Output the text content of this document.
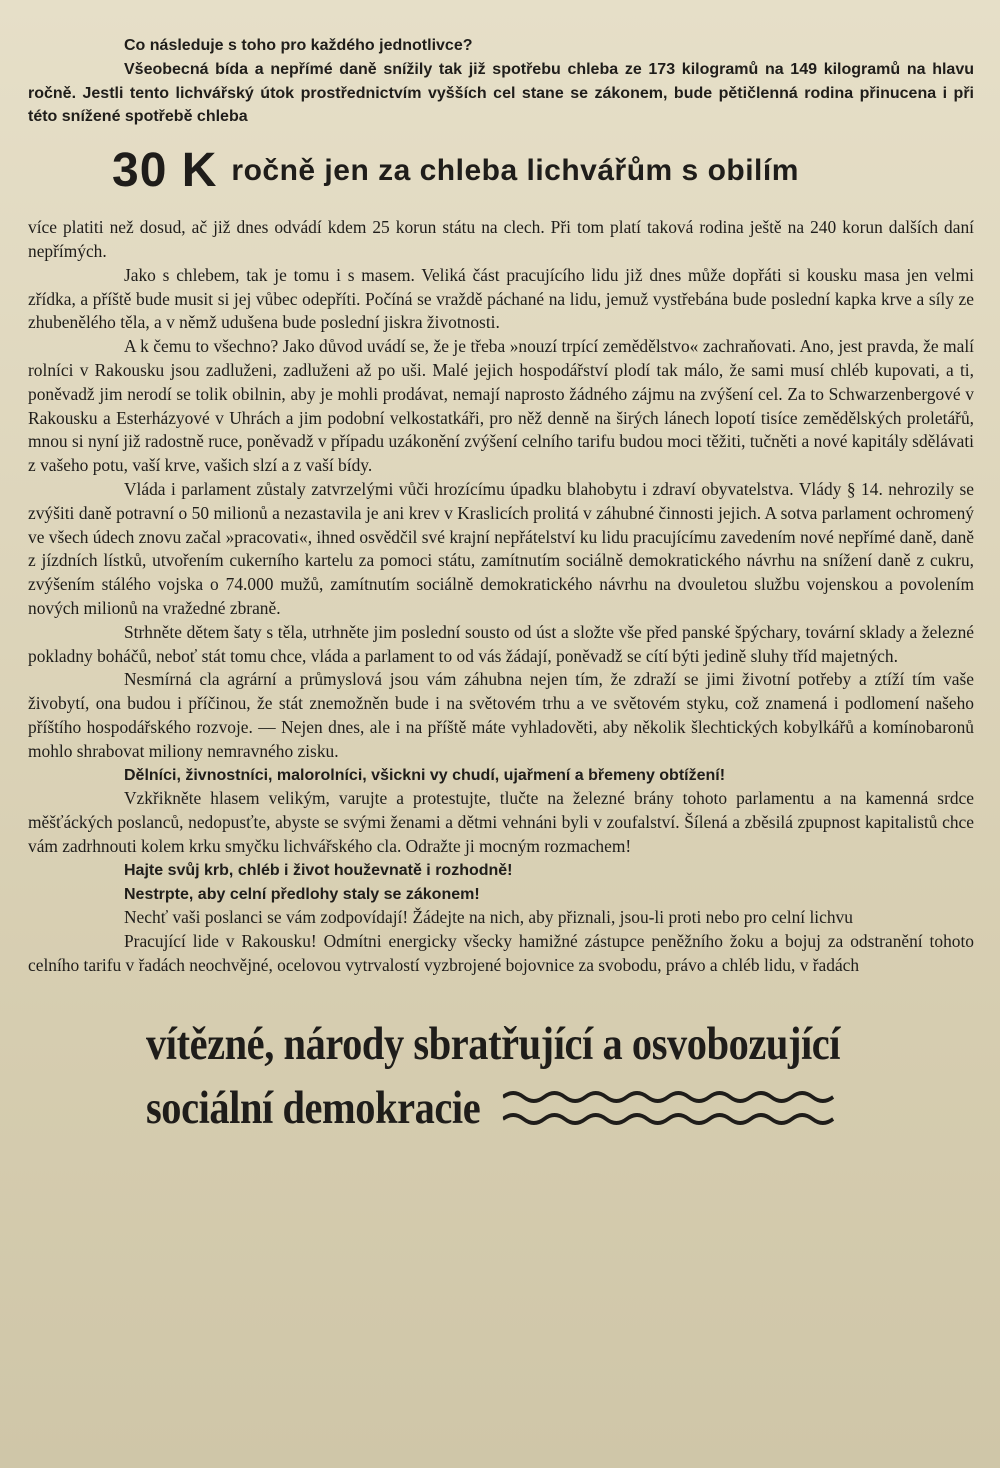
Co následuje s toho pro každého jednotlivce?

Všeobecná bída a nepřímé daně snížily tak již spotřebu chleba ze 173 kilogramů na 149 kilogramů na hlavu ročně. Jestli tento lichvářský útok prostřednictvím vyšších cel stane se zákonem, bude pětičlenná rodina přinucena i při této snížené spotřebě chleba

30 K ročně jen za chleba lichvářům s obilím

více platiti než dosud, ač již dnes odvádí kdem 25 korun státu na clech. Při tom platí taková rodina ještě na 240 korun dalších daní nepřímých.

Jako s chlebem, tak je tomu i s masem. Veliká část pracujícího lidu již dnes může dopřáti si kousku masa jen velmi zřídka, a příště bude musit si jej vůbec odepříti. Počíná se vraždě páchané na lidu, jemuž vystřebána bude poslední kapka krve a síly ze zhubenělého těla, a v němž udušena bude poslední jiskra životnosti.

A k čemu to všechno? Jako důvod uvádí se, že je třeba »nouzí trpící zemědělstvo« zachraňovati. Ano, jest pravda, že malí rolníci v Rakousku jsou zadluženi, zadluženi až po uši. Malé jejich hospodářství plodí tak málo, že sami musí chléb kupovati, a ti, poněvadž jim nerodí se tolik obilnin, aby je mohli prodávat, nemají naprosto žádného zájmu na zvýšení cel. Za to Schwarzenbergové v Rakousku a Esterházyové v Uhrách a jim podobní velkostatkáři, pro něž denně na širých lánech lopotí tisíce zemědělských proletářů, mnou si nyní již radostně ruce, poněvadž v případu uzákonění zvýšení celního tarifu budou moci těžiti, tučněti a nové kapitály sdělávati z vašeho potu, vaší krve, vašich slzí a z vaší bídy.

Vláda i parlament zůstaly zatvrzelými vůči hrozícímu úpadku blahobytu i zdraví obyvatelstva. Vlády § 14. nehrozily se zvýšiti daně potravní o 50 milionů a nezastavila je ani krev v Kraslicích prolitá v záhubné činnosti jejich. A sotva parlament ochromený ve všech údech znovu začal »pracovati«, ihned osvědčil své krajní nepřátelství ku lidu pracujícímu zavedením nové nepřímé daně, daně z jízdních lístků, utvořením cukerního kartelu za pomoci státu, zamítnutím sociálně demokratického návrhu na snížení daně z cukru, zvýšením stálého vojska o 74.000 mužů, zamítnutím sociálně demokratického návrhu na dvouletou službu vojenskou a povolením nových milionů na vražedné zbraně.

Strhněte dětem šaty s těla, utrhněte jim poslední sousto od úst a složte vše před panské špýchary, tovární sklady a železné pokladny boháčů, neboť stát tomu chce, vláda a parlament to od vás žádají, poněvadž se cítí býti jedině sluhy tříd majetných.

Nesmírná cla agrární a průmyslová jsou vám záhubna nejen tím, že zdraží se jimi životní potřeby a ztíží tím vaše živobytí, ona budou i příčinou, že stát znemožněn bude i na světovém trhu a ve světovém styku, což znamená i podlomení našeho příštího hospodářského rozvoje. — Nejen dnes, ale i na příště máte vyhladověti, aby několik šlechtických kobylkářů a komínobaronů mohlo shrabovat miliony nemravného zisku.

Dělníci, živnostníci, malorolníci, všickni vy chudí, ujařmení a břemeny obtížení!

Vzkřikněte hlasem velikým, varujte a protestujte, tlučte na železné brány tohoto parlamentu a na kamenná srdce měšťáckých poslanců, nedopusťte, abyste se svými ženami a dětmi vehnáni byli v zoufalství. Šílená a zběsilá zpupnost kapitalistů chce vám zadrhnouti kolem krku smyčku lichvářského cla. Odražte ji mocným rozmachem!

Hajte svůj krb, chléb i život houževnatě i rozhodně!

Nestrpte, aby celní předlohy staly se zákonem!

Nechť vaši poslanci se vám zodpovídají! Žádejte na nich, aby přiznali, jsou-li proti nebo pro celní lichvu

Pracující lide v Rakousku! Odmítni energicky všecky hamižné zástupce peněžního žoku a bojuj za odstranění tohoto celního tarifu v řadách neochvějné, ocelovou vytrvalostí vyzbrojené bojovnice za svobodu, právo a chléb lidu, v řadách

vítězné, národy sbratřující a osvobozující
sociální demokracie
